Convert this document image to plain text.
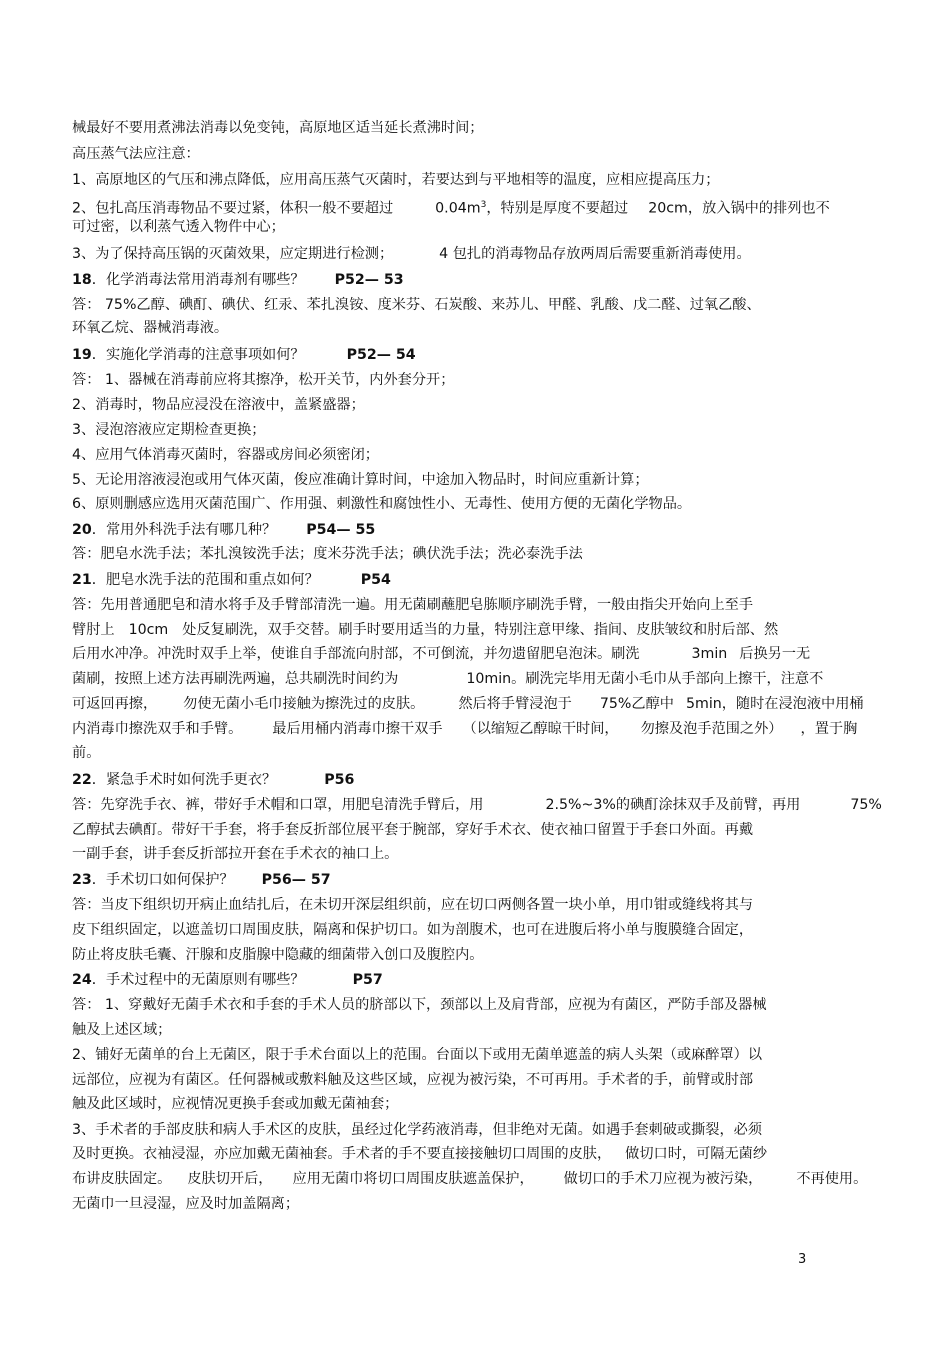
械最好不要用煮沸法消毒以免变钝，高原地区适当延长煮沸时间；
高压蒸气法应注意：
1、高原地区的气压和沸点降低，应用高压蒸气灭菌时，若要达到与平地相等的温度，应相应提高压力；
2、包扎高压消毒物品不要过紧，体积一般不要超过	$0.04m^3$，特别是厚度不要超过 20cm，放入锅中的排列也不
可过密，以利蒸气透入物件中心；
3、为了保持高压锅的灭菌效果，应定期进行检测；	4 包扎的消毒物品存放两周后需要重新消毒使用。
18．化学消毒法常用消毒剂有哪些？ P52— 53
答： 75%乙醇、碘酊、碘伏、红汞、苯扎溴铵、度米芬、石炭酸、来苏儿、甲醛、乳酸、戊二醛、过氧乙酸、
环氧乙烷、器械消毒液。
19．实施化学消毒的注意事项如何？	P52— 54
答： 1、器械在消毒前应将其擦净，松开关节，内外套分开；
2、消毒时，物品应浸没在溶液中，盖紧盛器；
3、浸泡溶液应定期检查更换；
4、应用气体消毒灭菌时，容器或房间必须密闭；
5、无论用溶液浸泡或用气体灭菌，俊应准确计算时间，中途加入物品时，时间应重新计算；
6、原则删感应选用灭菌范围广、作用强、刺激性和腐蚀性小、无毒性、使用方便的无菌化学物品。
20．常用外科洗手法有哪几种？ P54— 55
答：肥皂水洗手法；苯扎溴铵洗手法；度米芬洗手法；碘伏洗手法；洗必泰洗手法
21．肥皂水洗手法的范围和重点如何？	P54
答：先用普通肥皂和清水将手及手臂部清洗一遍。用无菌刷蘸肥皂胨顺序刷洗手臂，一般由指尖开始向上至手
臂肘上 10cm 处反复刷洗，双手交替。刷手时要用适当的力量，特别注意甲缘、指间、皮肤皱纹和肘后部、然
后用水冲净。冲洗时双手上举，使谁自手部流向肘部，不可倒流，并勿遗留肥皂泡沫。刷洗	3min 后换另一无
菌刷，按照上述方法再刷洗两遍，总共刷洗时间约为	10min。刷洗完毕用无菌小毛巾从手部向上擦干，注意不
可返回再擦， 勿使无菌小毛巾接触为擦洗过的皮肤。 然后将手臂浸泡于 75%乙醇中 5min，随时在浸泡液中用桶
内消毒巾擦洗双手和手臂。 最后用桶内消毒巾擦干双手 （以缩短乙醇晾干时间， 勿擦及泡手范围之外） ，置于胸
前。
22．紧急手术时如何洗手更衣？	P56
答：先穿洗手衣、裤，带好手术帽和口罩，用肥皂清洗手臂后，用	2.5%~3%的碘酊涂抹双手及前臂，再用	75%
乙醇拭去碘酊。带好干手套，将手套反折部位展平套于腕部，穿好手术衣、使衣袖口留置于手套口外面。再戴
一副手套，讲手套反折部拉开套在手术衣的袖口上。
23．手术切口如何保护？ P56— 57
答：当皮下组织切开病止血结扎后，在未切开深层组织前，应在切口两侧各置一块小单，用巾钳或缝线将其与
皮下组织固定，以遮盖切口周围皮肤，隔离和保护切口。如为剖腹术，也可在进腹后将小单与腹膜缝合固定，
防止将皮肤毛囊、汗腺和皮脂腺中隐藏的细菌带入创口及腹腔内。
24．手术过程中的无菌原则有哪些？	P57
答： 1、穿戴好无菌手术衣和手套的手术人员的脐部以下，颈部以上及肩背部，应视为有菌区，严防手部及器械
触及上述区域；
2、铺好无菌单的台上无菌区，限于手术台面以上的范围。台面以下或用无菌单遮盖的病人头架（或麻醉罩）以
远部位，应视为有菌区。任何器械或敷料触及这些区域，应视为被污染，不可再用。手术者的手，前臂或肘部
触及此区域时，应视情况更换手套或加戴无菌袖套；
3、手术者的手部皮肤和病人手术区的皮肤，虽经过化学药液消毒，但非绝对无菌。如遇手套刺破或撕裂，必须
及时更换。衣袖浸湿，亦应加戴无菌袖套。手术者的手不要直接接触切口周围的皮肤， 做切口时，可隔无菌纱
布讲皮肤固定。 皮肤切开后， 应用无菌巾将切口周围皮肤遮盖保护， 做切口的手术刀应视为被污染， 不再使用。
无菌巾一旦浸湿，应及时加盖隔离；
3
